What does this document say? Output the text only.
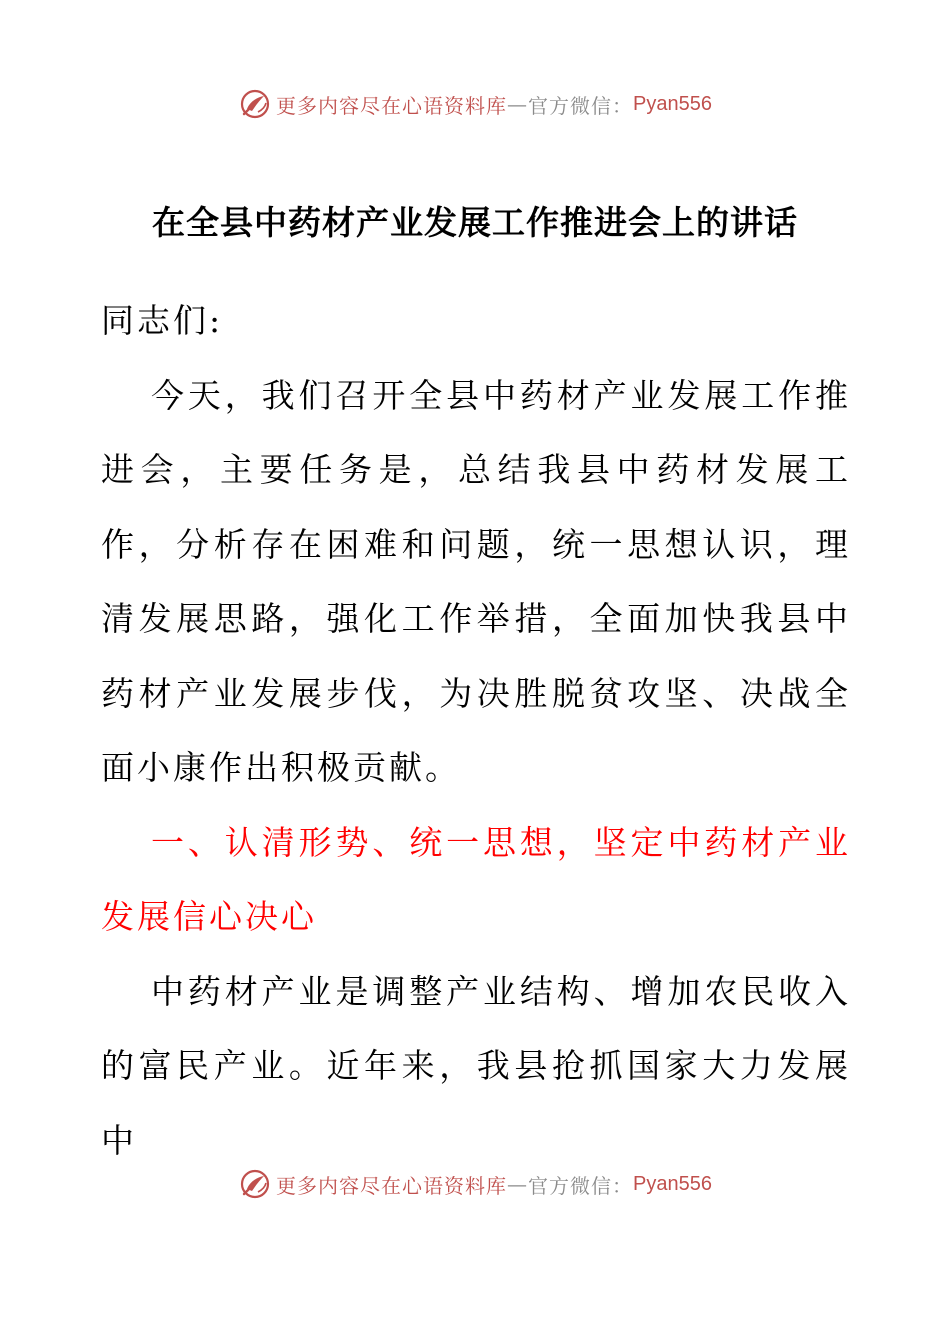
更多内容尽在心语资料库 — 官方微信： Pyan556
在全县中药材产业发展工作推进会上的讲话

同志们:

今天，我们召开全县中药材产业发展工作推进会，主要任务是，总结我县中药材发展工作，分析存在困难和问题，统一思想认识，理清发展思路，强化工作举措，全面加快我县中药材产业发展步伐，为决胜脱贫攻坚、决战全面小康作出积极贡献。

一、认清形势、统一思想，坚定中药材产业发展信心决心

中药材产业是调整产业结构、增加农民收入的富民产业。近年来，我县抢抓国家大力发展中

更多内容尽在心语资料库 — 官方微信： Pyan556
